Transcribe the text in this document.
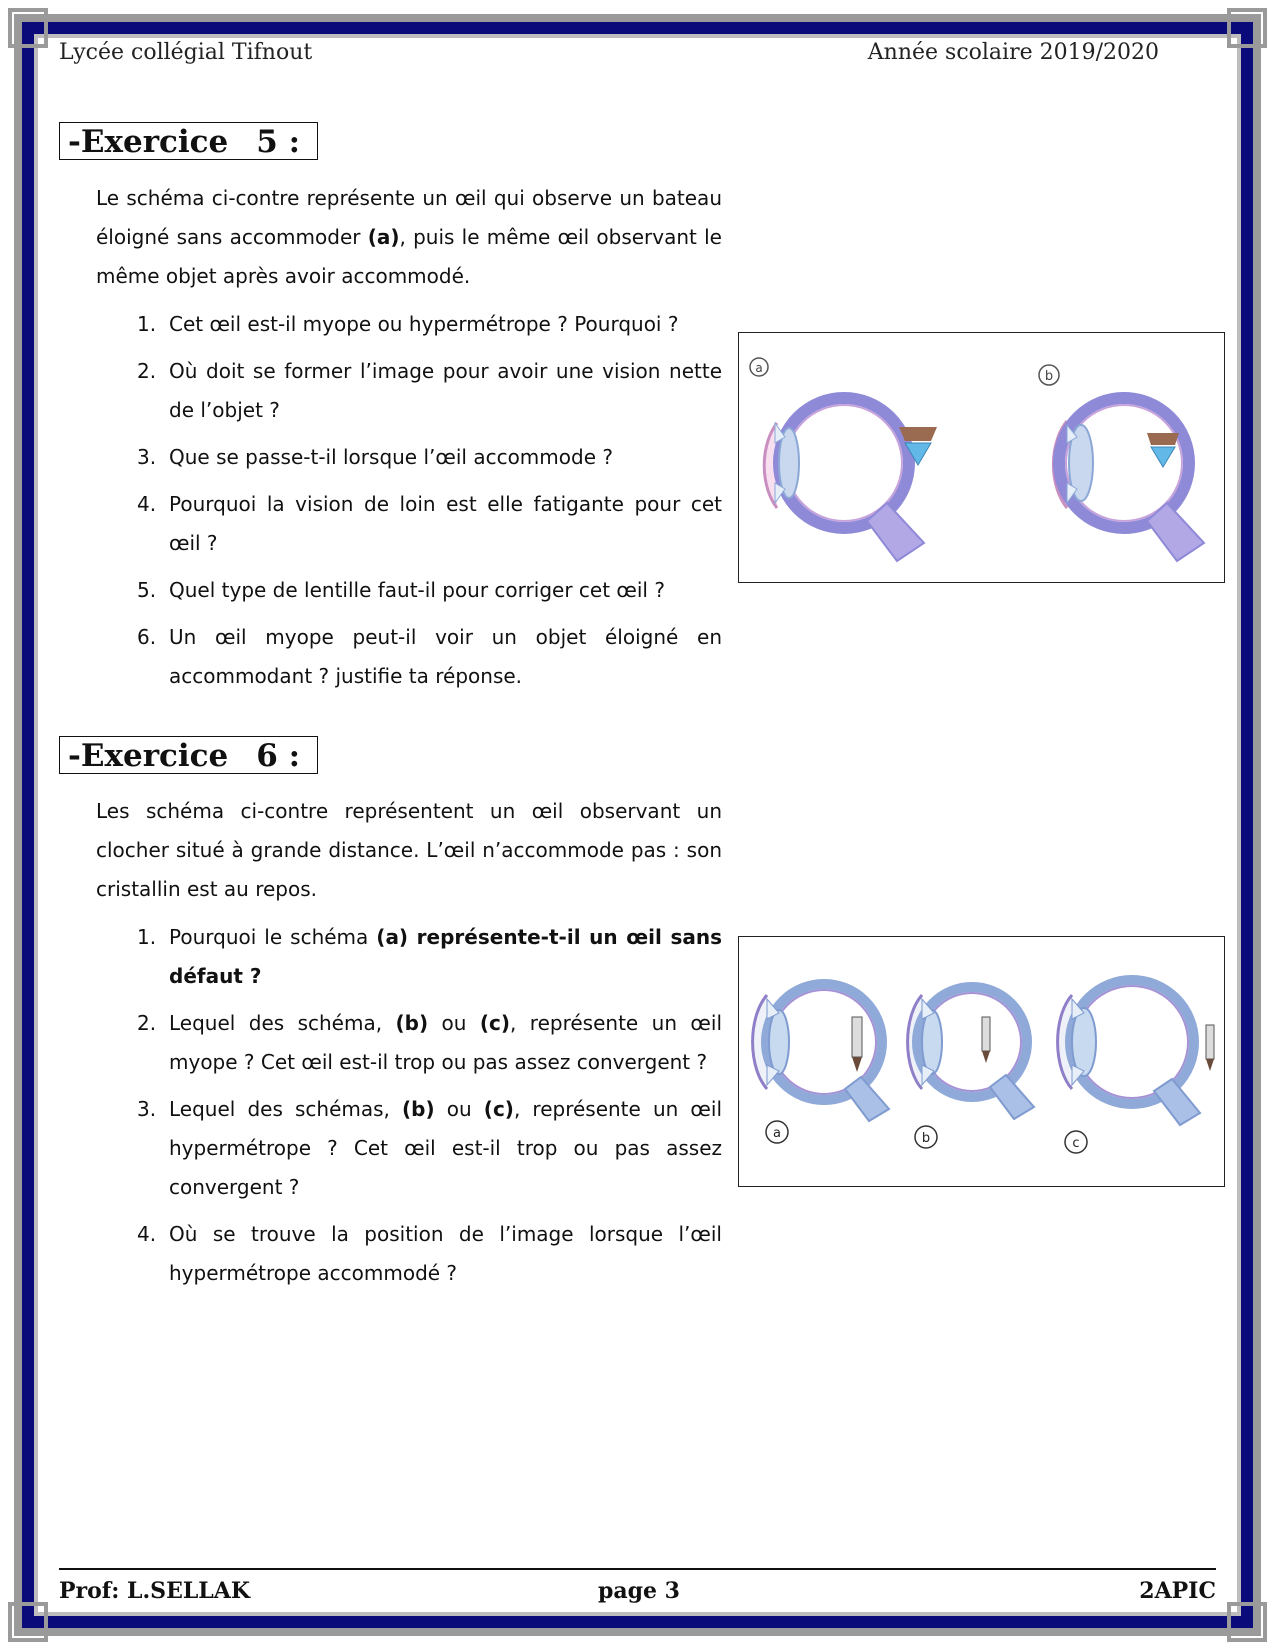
Lycée collégial Tifnout	Année scolaire 2019/2020
-Exercice 5 :
Le schéma ci-contre représente un œil qui observe un bateau éloigné sans accommoder (a), puis le même œil observant le même objet après avoir accommodé.
1. Cet œil est-il myope ou hypermétrope ? Pourquoi ?
2. Où doit se former l’image pour avoir une vision nette de l’objet ?
3. Que se passe-t-il lorsque l’œil accommode ?
4. Pourquoi la vision de loin est elle fatigante pour cet œil ?
5. Quel type de lentille faut-il pour corriger cet œil ?
6. Un œil myope peut-il voir un objet éloigné en accommodant ? justifie ta réponse.
a
b
-Exercice 6 :
Les schéma ci-contre représentent un œil observant un clocher situé à grande distance. L’œil n’accommode pas : son cristallin est au repos.
1. Pourquoi le schéma (a) représente-t-il un œil sans défaut ?
2. Lequel des schéma, (b) ou (c), représente un œil myope ? Cet œil est-il trop ou pas assez convergent ?
3. Lequel des schémas, (b) ou (c), représente un œil hypermétrope ? Cet œil est-il trop ou pas assez convergent ?
4. Où se trouve la position de l’image lorsque l’œil hypermétrope accommodé ?
a	b	c
Prof: L.SELLAK	page 3	2APIC
